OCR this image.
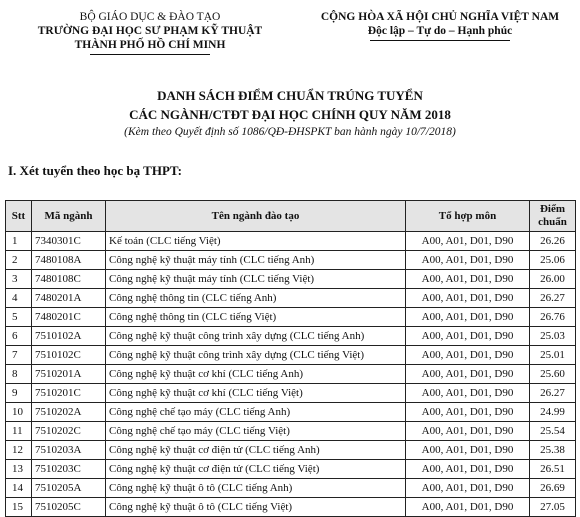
BỘ GIÁO DỤC & ĐÀO TẠO
TRƯỜNG ĐẠI HỌC SƯ PHẠM KỸ THUẬT
THÀNH PHỐ HỒ CHÍ MINH
CỘNG HÒA XÃ HỘI CHỦ NGHĨA VIỆT NAM
Độc lập – Tự do – Hạnh phúc
DANH SÁCH ĐIỂM CHUẨN TRÚNG TUYỂN
CÁC NGÀNH/CTĐT ĐẠI HỌC CHÍNH QUY NĂM 2018
(Kèm theo Quyết định số 1086/QĐ-ĐHSPKT ban hành ngày 10/7/2018)
I. Xét tuyển theo học bạ THPT:
Stt	Mã ngành	Tên ngành đào tạo	Tổ hợp môn	Điểm chuẩn
1	7340301C	Kế toán (CLC tiếng Việt)	A00, A01, D01, D90	26.26
2	7480108A	Công nghệ kỹ thuật máy tính (CLC tiếng Anh)	A00, A01, D01, D90	25.06
3	7480108C	Công nghệ kỹ thuật máy tính (CLC tiếng Việt)	A00, A01, D01, D90	26.00
4	7480201A	Công nghệ thông tin (CLC tiếng Anh)	A00, A01, D01, D90	26.27
5	7480201C	Công nghệ thông tin (CLC tiếng Việt)	A00, A01, D01, D90	26.76
6	7510102A	Công nghệ kỹ thuật công trình xây dựng (CLC tiếng Anh)	A00, A01, D01, D90	25.03
7	7510102C	Công nghệ kỹ thuật công trình xây dựng (CLC tiếng Việt)	A00, A01, D01, D90	25.01
8	7510201A	Công nghệ kỹ thuật cơ khí (CLC tiếng Anh)	A00, A01, D01, D90	25.60
9	7510201C	Công nghệ kỹ thuật cơ khí (CLC tiếng Việt)	A00, A01, D01, D90	26.27
10	7510202A	Công nghệ chế tạo máy (CLC tiếng Anh)	A00, A01, D01, D90	24.99
11	7510202C	Công nghệ chế tạo máy (CLC tiếng Việt)	A00, A01, D01, D90	25.54
12	7510203A	Công nghệ kỹ thuật cơ điện tử (CLC tiếng Anh)	A00, A01, D01, D90	25.38
13	7510203C	Công nghệ kỹ thuật cơ điện tử (CLC tiếng Việt)	A00, A01, D01, D90	26.51
14	7510205A	Công nghệ kỹ thuật ô tô (CLC tiếng Anh)	A00, A01, D01, D90	26.69
15	7510205C	Công nghệ kỹ thuật ô tô (CLC tiếng Việt)	A00, A01, D01, D90	27.05
